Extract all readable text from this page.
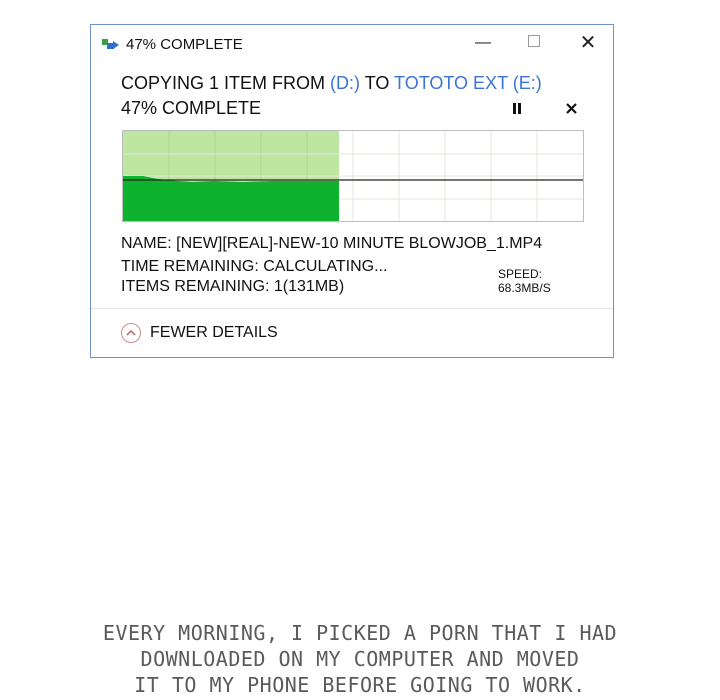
47% COMPLETE	—	✕
COPYING 1 ITEM FROM (D:) TO TOTOTO EXT (E:)
47% COMPLETE
SPEED: 68.3MB/S
NAME: [NEW][REAL]-NEW-10 MINUTE BLOWJOB_1.MP4
TIME REMAINING: CALCULATING...
ITEMS REMAINING: 1(131MB)
FEWER DETAILS
EVERY MORNING, I PICKED A PORN THAT I HAD
DOWNLOADED ON MY COMPUTER AND MOVED
IT TO MY PHONE BEFORE GOING TO WORK.
